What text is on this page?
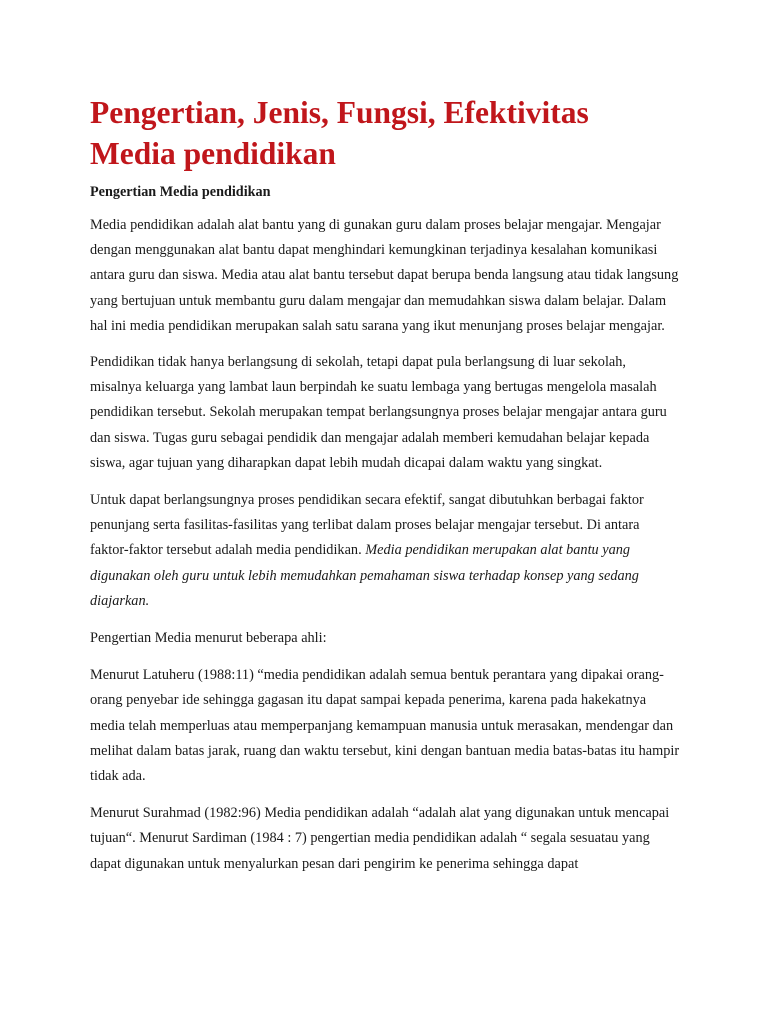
Pengertian, Jenis, Fungsi, Efektivitas Media pendidikan
Pengertian Media pendidikan

Media pendidikan adalah alat bantu yang di gunakan guru dalam proses belajar mengajar. Mengajar dengan menggunakan alat bantu dapat menghindari kemungkinan terjadinya kesalahan komunikasi antara guru dan siswa. Media atau alat bantu tersebut dapat berupa benda langsung atau tidak langsung yang bertujuan untuk membantu guru dalam mengajar dan memudahkan siswa dalam belajar. Dalam hal ini media pendidikan merupakan salah satu sarana yang ikut menunjang proses belajar mengajar.

Pendidikan tidak hanya berlangsung di sekolah, tetapi dapat pula berlangsung di luar sekolah, misalnya keluarga yang lambat laun berpindah ke suatu lembaga yang bertugas mengelola masalah pendidikan tersebut. Sekolah merupakan tempat berlangsungnya proses belajar mengajar antara guru dan siswa. Tugas guru sebagai pendidik dan mengajar adalah memberi kemudahan belajar kepada siswa, agar tujuan yang diharapkan dapat lebih mudah dicapai dalam waktu yang singkat.

Untuk dapat berlangsungnya proses pendidikan secara efektif, sangat dibutuhkan berbagai faktor penunjang serta fasilitas-fasilitas yang terlibat dalam proses belajar mengajar tersebut. Di antara faktor-faktor tersebut adalah media pendidikan. Media pendidikan merupakan alat bantu yang digunakan oleh guru untuk lebih memudahkan pemahaman siswa terhadap konsep yang sedang diajarkan.

Pengertian Media menurut beberapa ahli:

Menurut Latuheru (1988:11) “media pendidikan adalah semua bentuk perantara yang dipakai orang-orang penyebar ide sehingga gagasan itu dapat sampai kepada penerima, karena pada hakekatnya media telah memperluas atau memperpanjang kemampuan manusia untuk merasakan, mendengar dan melihat dalam batas jarak, ruang dan waktu tersebut, kini dengan bantuan media batas-batas itu hampir tidak ada.

Menurut Surahmad (1982:96) Media pendidikan adalah “adalah alat yang digunakan untuk mencapai tujuan“. Menurut Sardiman (1984 : 7) pengertian media pendidikan adalah “ segala sesuatau yang dapat digunakan untuk menyalurkan pesan dari pengirim ke penerima sehingga dapat
